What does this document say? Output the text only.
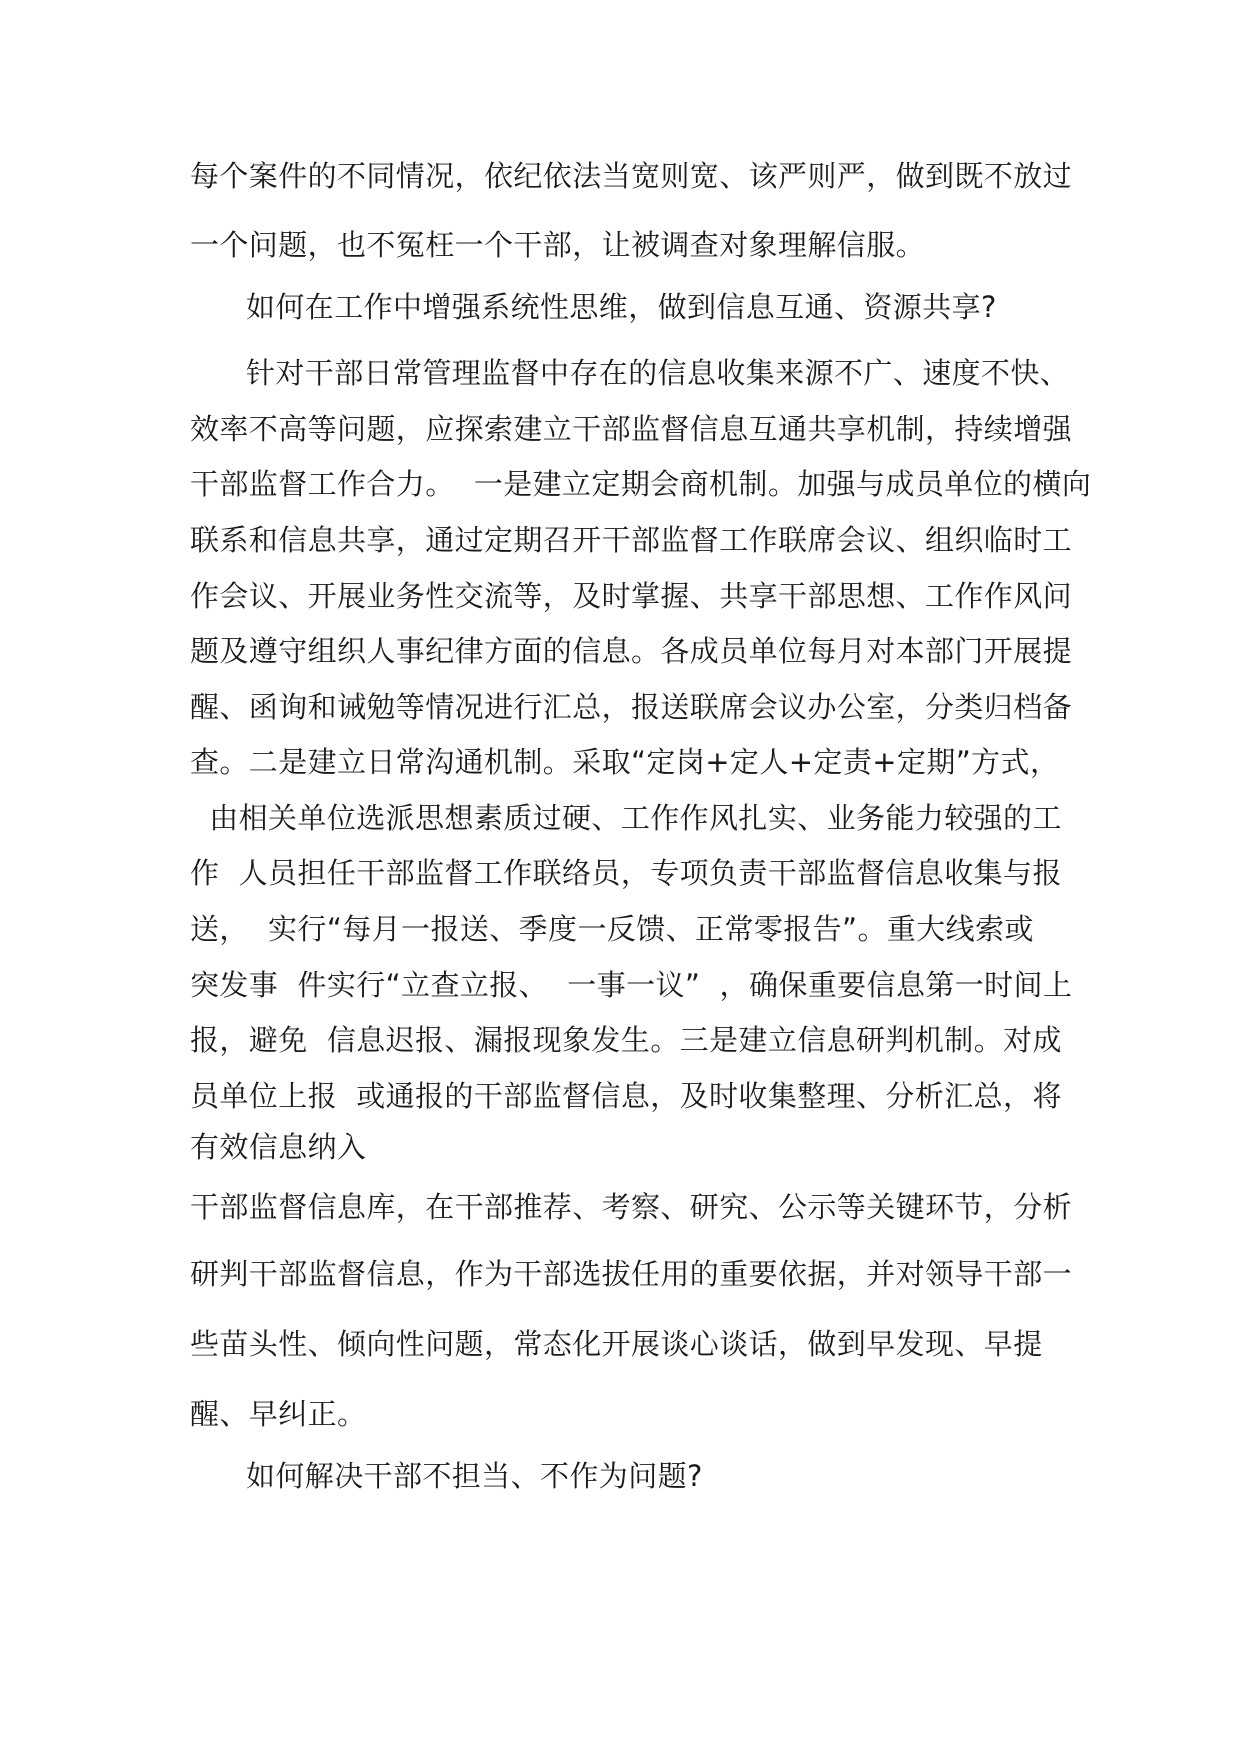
每个案件的不同情况，依纪依法当宽则宽、该严则严，做到既不放过
一个问题，也不冤枉一个干部，让被调查对象理解信服。
如何在工作中增强系统性思维，做到信息互通、资源共享?
针对干部日常管理监督中存在的信息收集来源不广、速度不快、
效率不高等问题，应探索建立干部监督信息互通共享机制，持续增强
干部监督工作合力。  一是建立定期会商机制。加强与成员单位的横向
联系和信息共享，通过定期召开干部监督工作联席会议、组织临时工
作会议、开展业务性交流等，及时掌握、共享干部思想、工作作风问
题及遵守组织人事纪律方面的信息。各成员单位每月对本部门开展提
醒、函询和诫勉等情况进行汇总，报送联席会议办公室，分类归档备
查。二是建立日常沟通机制。采取“定岗+定人+定责+定期”方式，
由相关单位选派思想素质过硬、工作作风扎实、业务能力较强的工
作  人员担任干部监督工作联络员，专项负责干部监督信息收集与报
送，  实行“每月一报送、季度一反馈、正常零报告”。重大线索或
突发事  件实行“立查立报、  一事一议”  ，确保重要信息第一时间上
报，避免  信息迟报、漏报现象发生。三是建立信息研判机制。对成
员单位上报  或通报的干部监督信息，及时收集整理、分析汇总，将
有效信息纳入
干部监督信息库，在干部推荐、考察、研究、公示等关键环节，分析
研判干部监督信息，作为干部选拔任用的重要依据，并对领导干部一
些苗头性、倾向性问题，常态化开展谈心谈话，做到早发现、早提
醒、早纠正。
如何解决干部不担当、不作为问题?
